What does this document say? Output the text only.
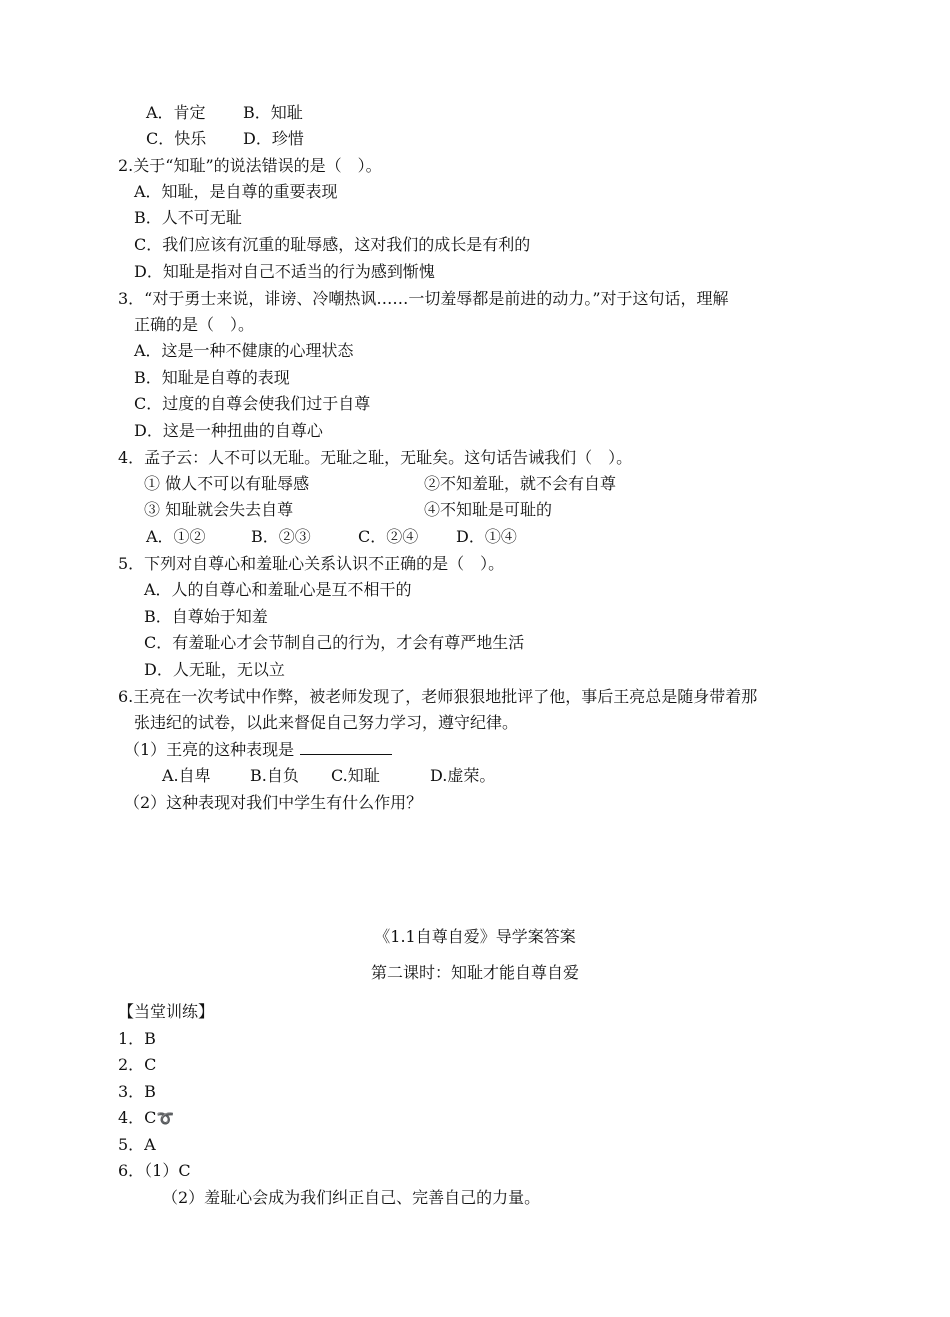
A．肯定 B．知耻
C．快乐 D．珍惜
2.关于“知耻”的说法错误的是（　）。
A．知耻，是自尊的重要表现
B．人不可无耻
C．我们应该有沉重的耻辱感，这对我们的成长是有利的
D．知耻是指对自己不适当的行为感到惭愧
3．“对于勇士来说，诽谤、冷嘲热讽……一切羞辱都是前进的动力。”对于这句话，理解
正确的是（　）。
A．这是一种不健康的心理状态
B．知耻是自尊的表现
C．过度的自尊会使我们过于自尊
D．这是一种扭曲的自尊心
4．孟子云：人不可以无耻。无耻之耻，无耻矣。这句话告诫我们（　）。
① 做人不可以有耻辱感	②不知羞耻，就不会有自尊
③ 知耻就会失去自尊	④不知耻是可耻的
A．①②	B．②③	C．②④ D．①④
5．下列对自尊心和羞耻心关系认识不正确的是（　）。
A．人的自尊心和羞耻心是互不相干的
B．自尊始于知羞
C．有羞耻心才会节制自己的行为，才会有尊严地生活
D．人无耻，无以立
6.王亮在一次考试中作弊，被老师发现了，老师狠狠地批评了他，事后王亮总是随身带着那
张违纪的试卷，以此来督促自己努力学习，遵守纪律。
（1）王亮的这种表现是
A.自卑 B.自负 C.知耻	D.虚荣。
（2）这种表现对我们中学生有什么作用？
《1.1自尊自爱》导学案答案
第二课时：知耻才能自尊自爱
【当堂训练】
1．B
2．C
3．B
4．C➰
5．A
6．（1）C
（2）羞耻心会成为我们纠正自己、完善自己的力量。
